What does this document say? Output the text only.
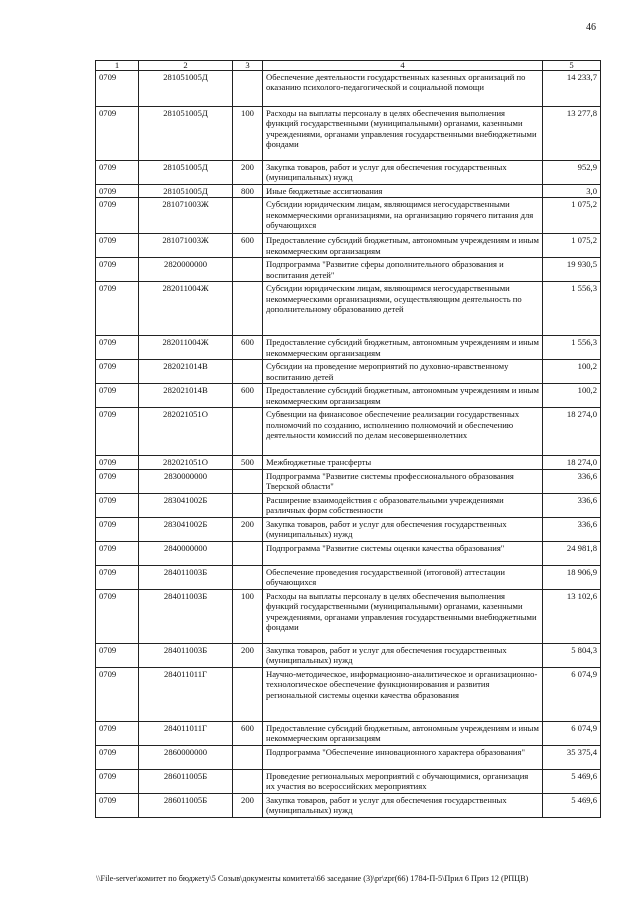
46
1	2	3	4	5
0709	281051005Д		Обеспечение деятельности государственных казенных организаций по оказанию психолого-педагогической и социальной помощи	14 233,7
0709	281051005Д	100	Расходы на выплаты персоналу в целях обеспечения выполнения функций государственными (муниципальными) органами, казенными учреждениями, органами управления государственными внебюджетными фондами	13 277,8
0709	281051005Д	200	Закупка товаров, работ и услуг для обеспечения государственных (муниципальных) нужд	952,9
0709	281051005Д	800	Иные бюджетные ассигнования	3,0
0709	281071003Ж		Субсидии юридическим лицам, являющимся негосударственными некоммерческими организациями, на организацию горячего питания для обучающихся	1 075,2
0709	281071003Ж	600	Предоставление субсидий бюджетным, автономным учреждениям и иным некоммерческим организациям	1 075,2
0709	2820000000		Подпрограмма "Развитие сферы дополнительного образования и воспитания детей"	19 930,5
0709	282011004Ж		Субсидии юридическим лицам, являющимся негосударственными некоммерческими организациями, осуществляющим деятельность по дополнительному образованию детей	1 556,3
0709	282011004Ж	600	Предоставление субсидий бюджетным, автономным учреждениям и иным некоммерческим организациям	1 556,3
0709	282021014В		Субсидии на проведение мероприятий по духовно-нравственному воспитанию детей	100,2
0709	282021014В	600	Предоставление субсидий бюджетным, автономным учреждениям и иным некоммерческим организациям	100,2
0709	282021051О		Субвенции на финансовое обеспечение реализации государственных полномочий по созданию, исполнению полномочий и обеспечению деятельности комиссий по делам несовершеннолетних	18 274,0
0709	282021051О	500	Межбюджетные трансферты	18 274,0
0709	2830000000		Подпрограмма "Развитие системы профессионального образования Тверской области"	336,6
0709	283041002Б		Расширение взаимодействия с образовательными учреждениями различных форм собственности	336,6
0709	283041002Б	200	Закупка товаров, работ и услуг для обеспечения государственных (муниципальных) нужд	336,6
0709	2840000000		Подпрограмма "Развитие системы оценки качества образования"	24 981,8
0709	284011003Б		Обеспечение проведения государственной (итоговой) аттестации обучающихся	18 906,9
0709	284011003Б	100	Расходы на выплаты персоналу в целях обеспечения выполнения функций государственными (муниципальными) органами, казенными учреждениями, органами управления государственными внебюджетными фондами	13 102,6
0709	284011003Б	200	Закупка товаров, работ и услуг для обеспечения государственных (муниципальных) нужд	5 804,3
0709	284011011Г		Научно-методическое, информационно-аналитическое и организационно-технологическое обеспечение функционирования и развития региональной системы оценки качества образования	6 074,9
0709	284011011Г	600	Предоставление субсидий бюджетным, автономным учреждениям и иным некоммерческим организациям	6 074,9
0709	2860000000		Подпрограмма "Обеспечение инновационного характера образования"	35 375,4
0709	286011005Б		Проведение региональных мероприятий с обучающимися, организация их участия во всероссийских мероприятиях	5 469,6
0709	286011005Б	200	Закупка товаров, работ и услуг для обеспечения государственных (муниципальных) нужд	5 469,6
\\File-server\комитет по бюджету\5 Созыв\документы комитета\66 заседание (3)\pr\zpr(66) 1784-П-5\Прил 6 Приз 12 (РПЦВ)
